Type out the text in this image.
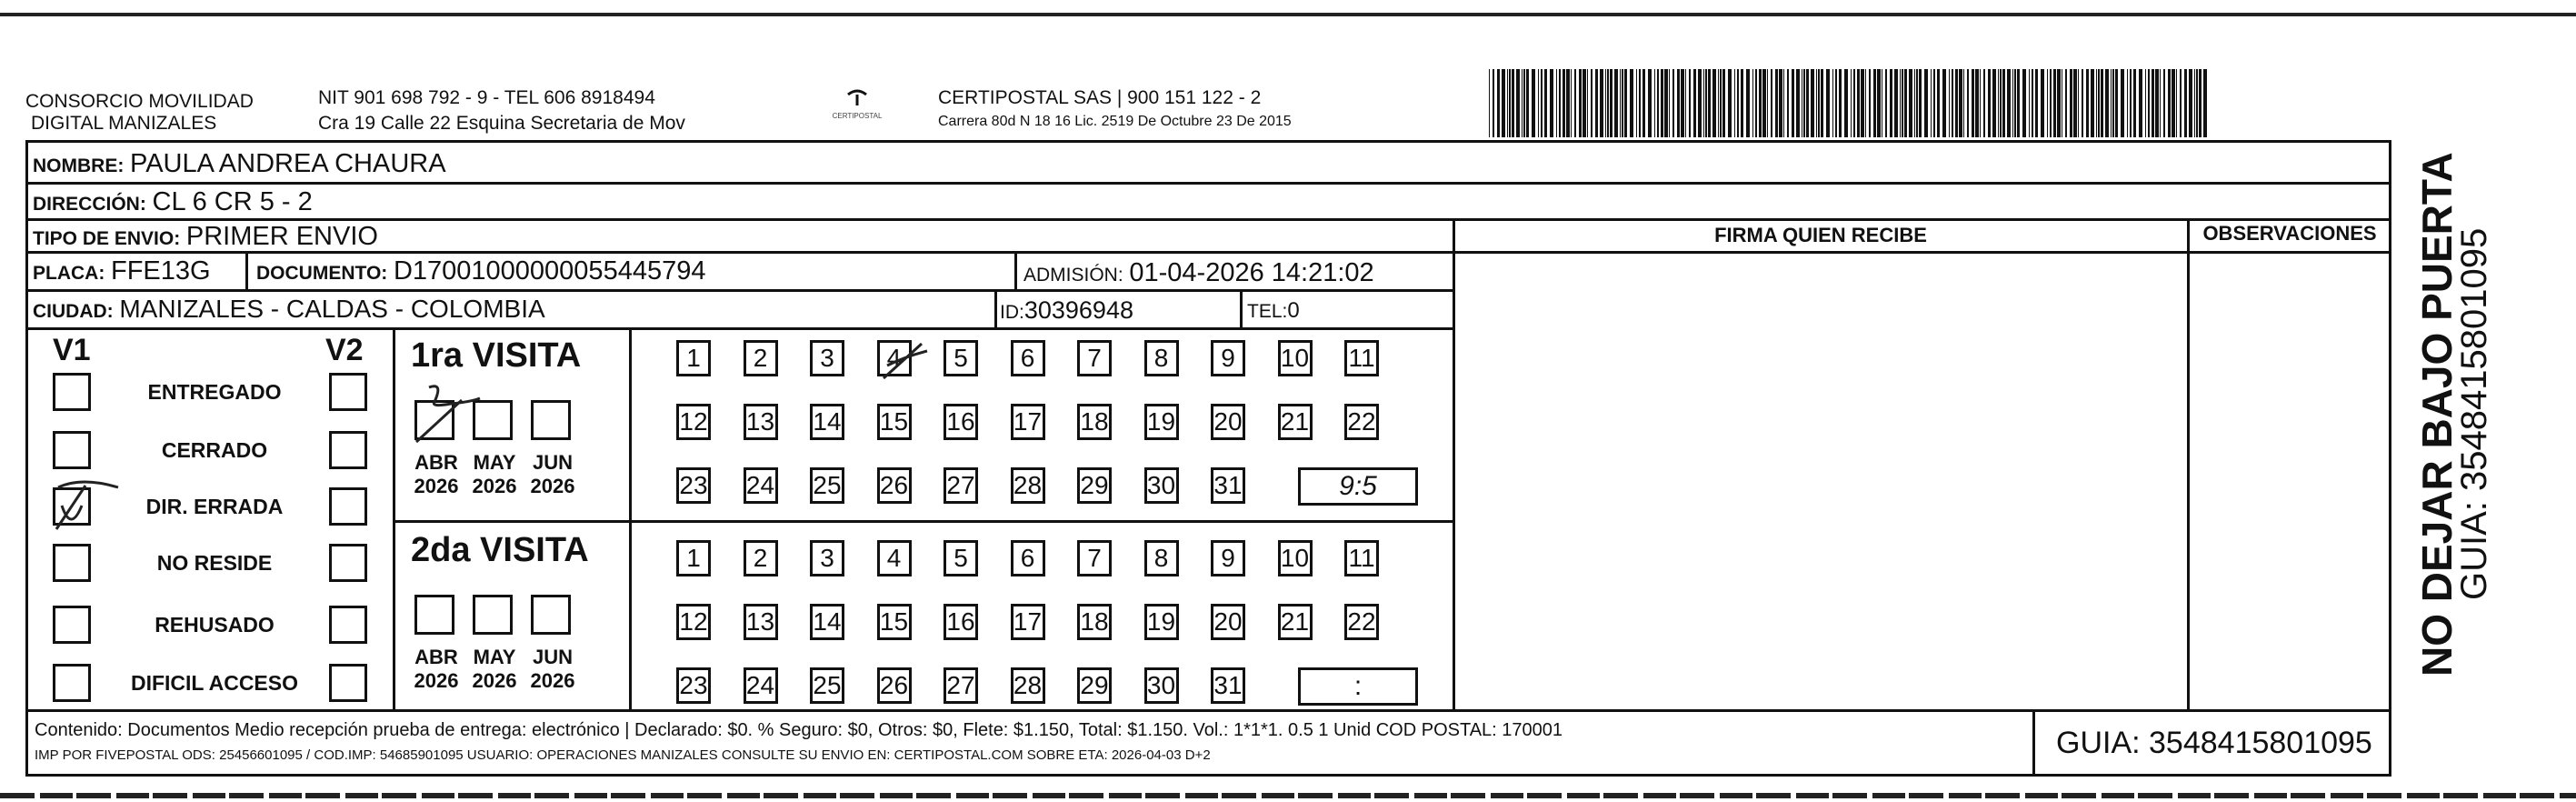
CONSORCIO MOVILIDAD
DIGITAL MANIZALES
NIT 901 698 792 - 9 - TEL 606 8918494
Cra 19 Calle 22 Esquina Secretaria de Mov	CERTIPOSTAL
CERTIPOSTAL SAS | 900 151 122 - 2
Carrera 80d N 18 16 Lic. 2519 De Octubre 23 De 2015
NOMBRE: PAULA ANDREA CHAURA
DIRECCIÓN: CL 6 CR 5 - 2
TIPO DE ENVIO: PRIMER ENVIO
PLACA: FFE13G DOCUMENTO: D17001000000055445794	ADMISIÓN: 01-04-2026 14:21:02
CIUDAD: MANIZALES - CALDAS - COLOMBIA	ID:30396948	TEL:0
FIRMA QUIEN RECIBE	OBSERVACIONES
V1	V2
ENTREGADO
CERRADO
DIR. ERRADA
NO RESIDE
REHUSADO
DIFICIL ACCESO
1ra VISITA
2da VISITA
ABR
2026
MAY
2026
JUN
2026
ABR
2026
MAY
2026
JUN
2026
1	2	3	4	5	6	7	8	9	10 11
12 13 14 15 16 17 18 19 20 21 22
23 24 25 26 27 28 29 30 31	9:5
1	2	3	4	5	6	7	8	9	10 11
12 13 14 15 16 17 18 19 20 21 22
23 24 25 26 27 28 29 30 31	:
Contenido: Documentos Medio recepción prueba de entrega: electrónico | Declarado: $0. % Seguro: $0, Otros: $0, Flete: $1.150, Total: $1.150. Vol.: 1*1*1. 0.5 1 Unid COD POSTAL: 170001
IMP POR FIVEPOSTAL ODS: 25456601095 / COD.IMP: 54685901095 USUARIO: OPERACIONES MANIZALES CONSULTE SU ENVIO EN: CERTIPOSTAL.COM SOBRE ETA: 2026-04-03 D+2	GUIA: 3548415801095
NO DEJAR BAJO PUERTA
GUIA: 3548415801095
